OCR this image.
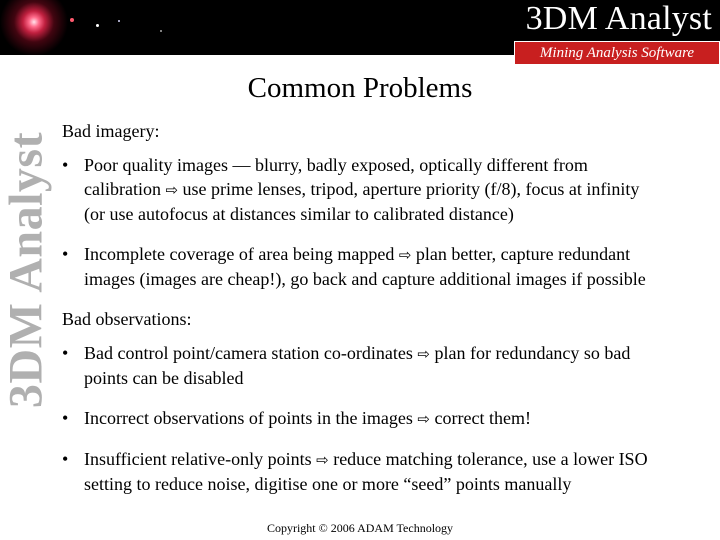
3DM Analyst
Mining Analysis Software
3DM Analyst
Common Problems

Bad imagery:

• Poor quality images — blurry, badly exposed, optically different from calibration ⇨ use prime lenses, tripod, aperture priority (f/8), focus at infinity (or use autofocus at distances similar to calibrated distance)

• Incomplete coverage of area being mapped ⇨ plan better, capture redundant images (images are cheap!), go back and capture additional images if possible

Bad observations:

• Bad control point/camera station co-ordinates ⇨ plan for redundancy so bad points can be disabled

• Incorrect observations of points in the images ⇨ correct them!

• Insufficient relative-only points ⇨ reduce matching tolerance, use a lower ISO setting to reduce noise, digitise one or more “seed” points manually

Copyright © 2006 ADAM Technology
